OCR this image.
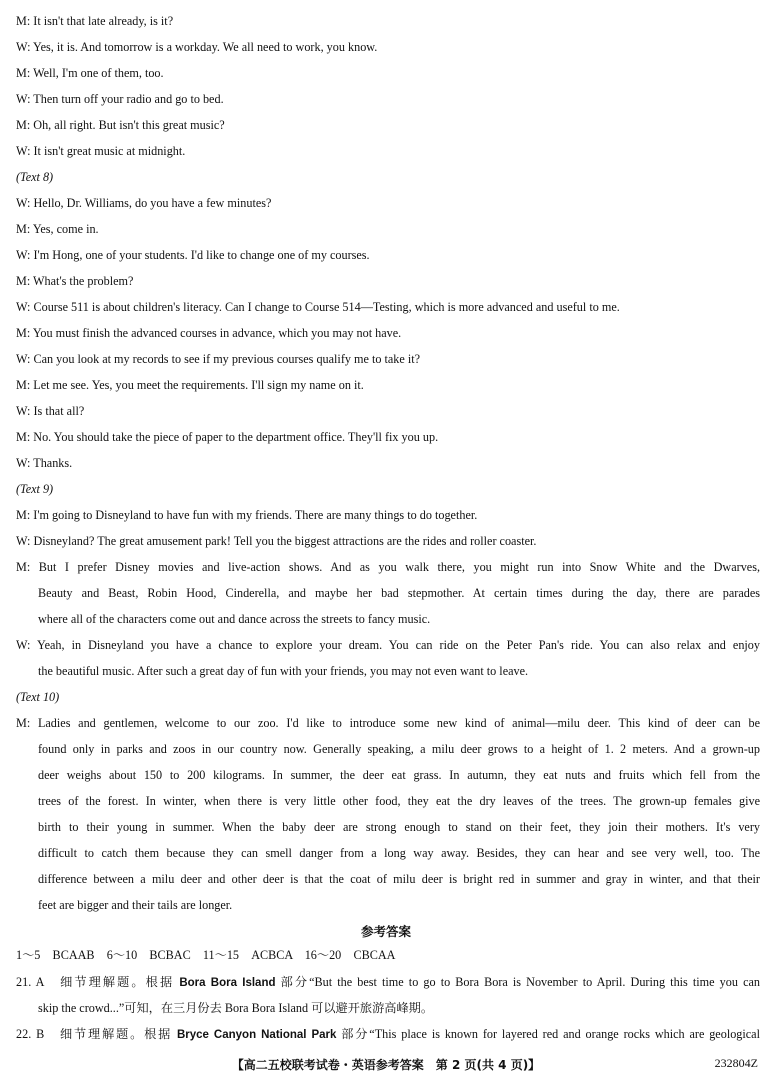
M: It isn't that late already, is it?
W: Yes, it is. And tomorrow is a workday. We all need to work, you know.
M: Well, I'm one of them, too.
W: Then turn off your radio and go to bed.
M: Oh, all right. But isn't this great music?
W: It isn't great music at midnight.
(Text 8)
W: Hello, Dr. Williams, do you have a few minutes?
M: Yes, come in.
W: I'm Hong, one of your students. I'd like to change one of my courses.
M: What's the problem?
W: Course 511 is about children's literacy. Can I change to Course 514—Testing, which is more advanced and useful to me.
M: You must finish the advanced courses in advance, which you may not have.
W: Can you look at my records to see if my previous courses qualify me to take it?
M: Let me see. Yes, you meet the requirements. I'll sign my name on it.
W: Is that all?
M: No. You should take the piece of paper to the department office. They'll fix you up.
W: Thanks.
(Text 9)
M: I'm going to Disneyland to have fun with my friends. There are many things to do together.
W: Disneyland? The great amusement park! Tell you the biggest attractions are the rides and roller coaster.
M: But I prefer Disney movies and live-action shows. And as you walk there, you might run into Snow White and the Dwarves,
Beauty and Beast, Robin Hood, Cinderella, and maybe her bad stepmother. At certain times during the day, there are parades
where all of the characters come out and dance across the streets to fancy music.
W: Yeah, in Disneyland you have a chance to explore your dream. You can ride on the Peter Pan's ride. You can also relax and enjoy
the beautiful music. After such a great day of fun with your friends, you may not even want to leave.
(Text 10)
M: Ladies and gentlemen, welcome to our zoo. I'd like to introduce some new kind of animal—milu deer. This kind of deer can be
found only in parks and zoos in our country now. Generally speaking, a milu deer grows to a height of 1. 2 meters. And a grown-up
deer weighs about 150 to 200 kilograms. In summer, the deer eat grass. In autumn, they eat nuts and fruits which fell from the
trees of the forest. In winter, when there is very little other food, they eat the dry leaves of the trees. The grown-up females give
birth to their young in summer. When the baby deer are strong enough to stand on their feet, they join their mothers. It's very
difficult to catch them because they can smell danger from a long way away. Besides, they can hear and see very well, too. The
difference between a milu deer and other deer is that the coat of milu deer is bright red in summer and gray in winter, and that their
feet are bigger and their tails are longer.
参考答案
1～5　BCAAB　6～10　BCBAC　11～15　ACBCA　16～20　CBCAA
21. A　细节理解题。根据 Bora Bora Island 部分“But the best time to go to Bora Bora is November to April. During this time you can
skip the crowd...”可知，在三月份去 Bora Bora Island 可以避开旅游高峰期。
22. B　细节理解题。根据 Bryce Canyon National Park 部分“This place is known for layered red and orange rocks which are geological
【高二五校联考试卷・英语参考答案　第 2 页(共 4 页)】	232804Z
